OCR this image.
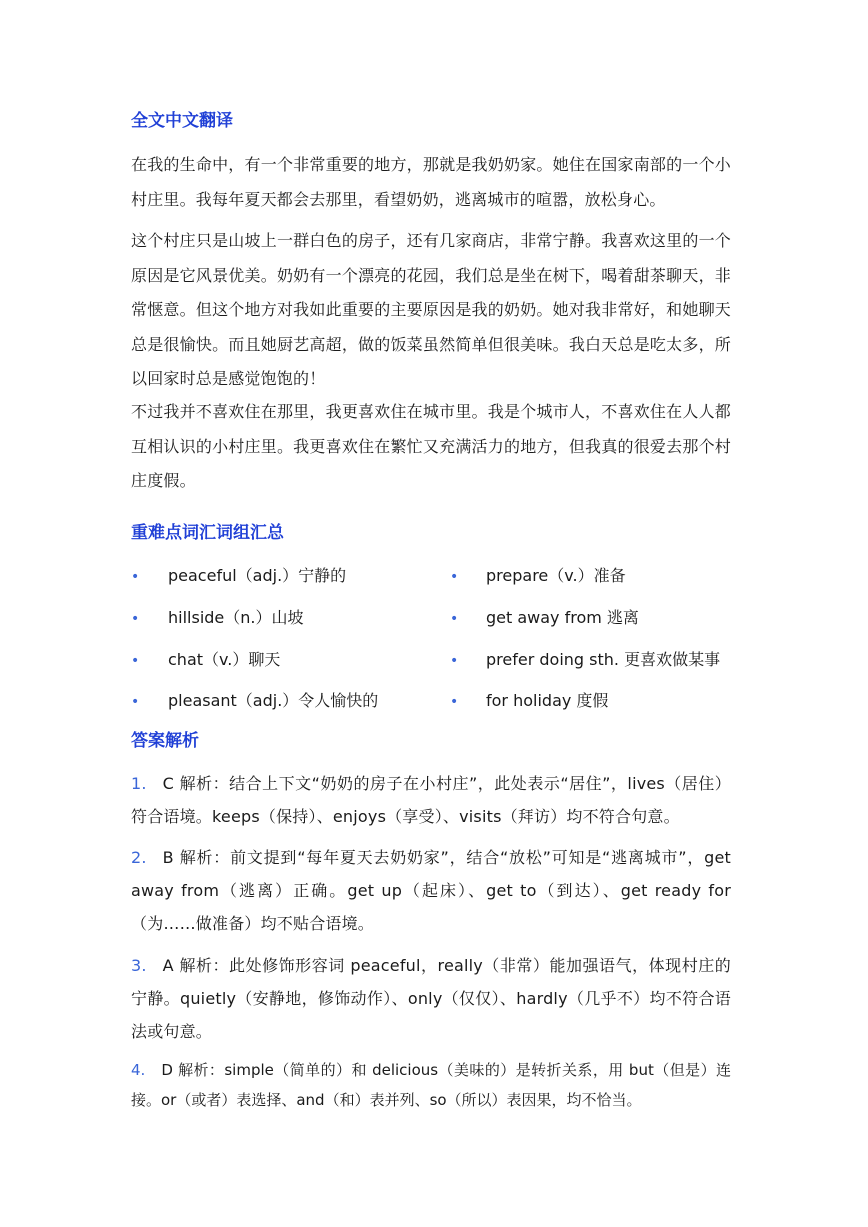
全文中文翻译
在我的生命中，有一个非常重要的地方，那就是我奶奶家。她住在国家南部的一个小村庄里。我每年夏天都会去那里，看望奶奶，逃离城市的喧嚣，放松身心。
这个村庄只是山坡上一群白色的房子，还有几家商店，非常宁静。我喜欢这里的一个原因是它风景优美。奶奶有一个漂亮的花园，我们总是坐在树下，喝着甜茶聊天，非常惬意。但这个地方对我如此重要的主要原因是我的奶奶。她对我非常好，和她聊天总是很愉快。而且她厨艺高超，做的饭菜虽然简单但很美味。我白天总是吃太多，所以回家时总是感觉饱饱的！
不过我并不喜欢住在那里，我更喜欢住在城市里。我是个城市人，不喜欢住在人人都互相认识的小村庄里。我更喜欢住在繁忙又充满活力的地方，但我真的很爱去那个村庄度假。
重难点词汇词组汇总
• peaceful（adj.）宁静的
• hillside（n.）山坡
• chat（v.）聊天
• pleasant（adj.）令人愉快的
• prepare（v.）准备
• get away from 逃离
• prefer doing sth. 更喜欢做某事
• for holiday 度假
答案解析
1. C 解析：结合上下文“奶奶的房子在小村庄”，此处表示“居住”，lives（居住）符合语境。keeps（保持）、enjoys（享受）、visits（拜访）均不符合句意。
2. B 解析：前文提到“每年夏天去奶奶家”，结合“放松”可知是“逃离城市”，get away from（逃离）正确。get up（起床）、get to（到达）、get ready for（为……做准备）均不贴合语境。
3. A 解析：此处修饰形容词 peaceful，really（非常）能加强语气，体现村庄的宁静。quietly（安静地，修饰动作）、only（仅仅）、hardly（几乎不）均不符合语法或句意。
4. D 解析：simple（简单的）和 delicious（美味的）是转折关系，用 but（但是）连接。or（或者）表选择、and（和）表并列、so（所以）表因果，均不恰当。
